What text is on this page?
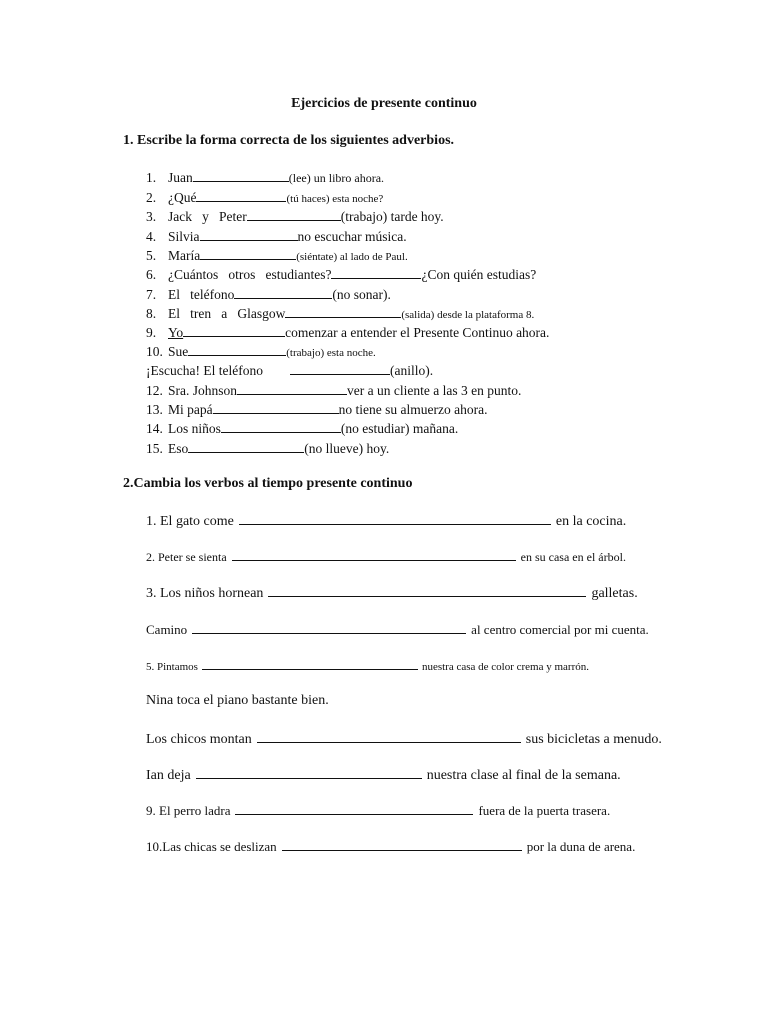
Ejercicios de presente continuo
1. Escribe la forma correcta de los siguientes adverbios.
1. Juan	(lee) un libro ahora.
2. ¿Qué	(tú haces) esta noche?
3. Jack   y   Peter	(trabajo) tarde hoy.
4. Silvia	no escuchar música.
5. María	(siéntate) al lado de Paul.
6. ¿Cuántos   otros   estudiantes?	¿Con quién estudias?
7. El   teléfono	(no sonar).
8. El   tren   a   Glasgow	(salida) desde la plataforma 8.
9. Yo	comenzar a entender el Presente Continuo ahora.
10. Sue	(trabajo) esta noche.
¡Escucha! El teléfono	(anillo).
12. Sra. Johnson	ver a un cliente a las 3 en punto.
13. Mi papá	no tiene su almuerzo ahora.
14. Los niños	(no estudiar) mañana.
15. Eso	(no llueve) hoy.
2.Cambia los verbos al tiempo presente continuo
1. El gato come	en la cocina.
2. Peter se sienta	en su casa en el árbol.
3. Los niños hornean	galletas.
Camino	al centro comercial por mi cuenta.
5. Pintamos	nuestra casa de color crema y marrón.
Nina toca el piano bastante bien.
Los chicos montan	sus bicicletas a menudo.
Ian deja	nuestra clase al final de la semana.
9. El perro ladra	fuera de la puerta trasera.
10.Las chicas se deslizan	por la duna de arena.
